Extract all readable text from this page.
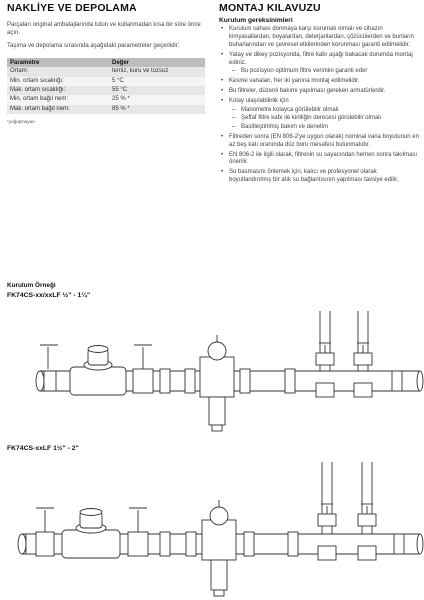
NAKLİYE VE DEPOLAMA

Parçaları original ambalajlarında tutun ve kullanmadan kısa bir süre önce açın.

Taşıma ve depolama sırasında aşağıdaki parametreler geçerlidir:

Parametre	Değer
Ortam:	temiz, kuru ve tozsuz
Min. ortam sıcaklığı:	5 °C
Mak. ortam sıcaklığı:	55 °C
Min. ortam bağıl nem:	25 % *
Mak. ortam bağıl nem:	85 % *
*yoğuşmayan
MONTAJ KILAVUZU
Kurulum gereksinimleri
• Kurulum sahası donmaya karşı korumalı olmalı ve cihazın kimyasallardan, boyalardan, deterjanlardan, çözücülerden ve bunların buharlarından ve çevresel etkilerinden korunması garanti edilmelidir.
• Yatay ve dikey pozisyonda, filtre kabı aşağı bakacak durumda montaj ediniz.
– Bu pozisyon optimum filtre verimini garanti eder
• Kesme vanaları, her iki yanına montaj edilmelidir.
• Bu filtreler, düzenli bakımı yapılması gereken armatürlerdir.
• Kolay ulaşılabilirlik için
– Manometre kolayca görülebilir olmalı
– Şeffaf filtre kabı ile kirliliğin derecesi görülebilir olmalı
– Basitleştirilmiş bakım ve denetim
• Filtreden sonra (EN 806-2'ye uygun olarak) nominal vana boyutunun en az beş katı oranında düz boru mesafesi bulunmalıdır.
• EN 806-2 ile ilgili olarak, filtrenin su sayacından hemen sonra takılması önerilir.
• Su basmasını önlemek için, kalıcı ve profesyonel olarak boyutlandırılmış bir atık su bağlantısının yapılması tavsiye edilir.
Kurulum Örneği
FK74CS-xx/xxLF ½" - 1¼"
FK74CS-xxLF 1½" - 2"
